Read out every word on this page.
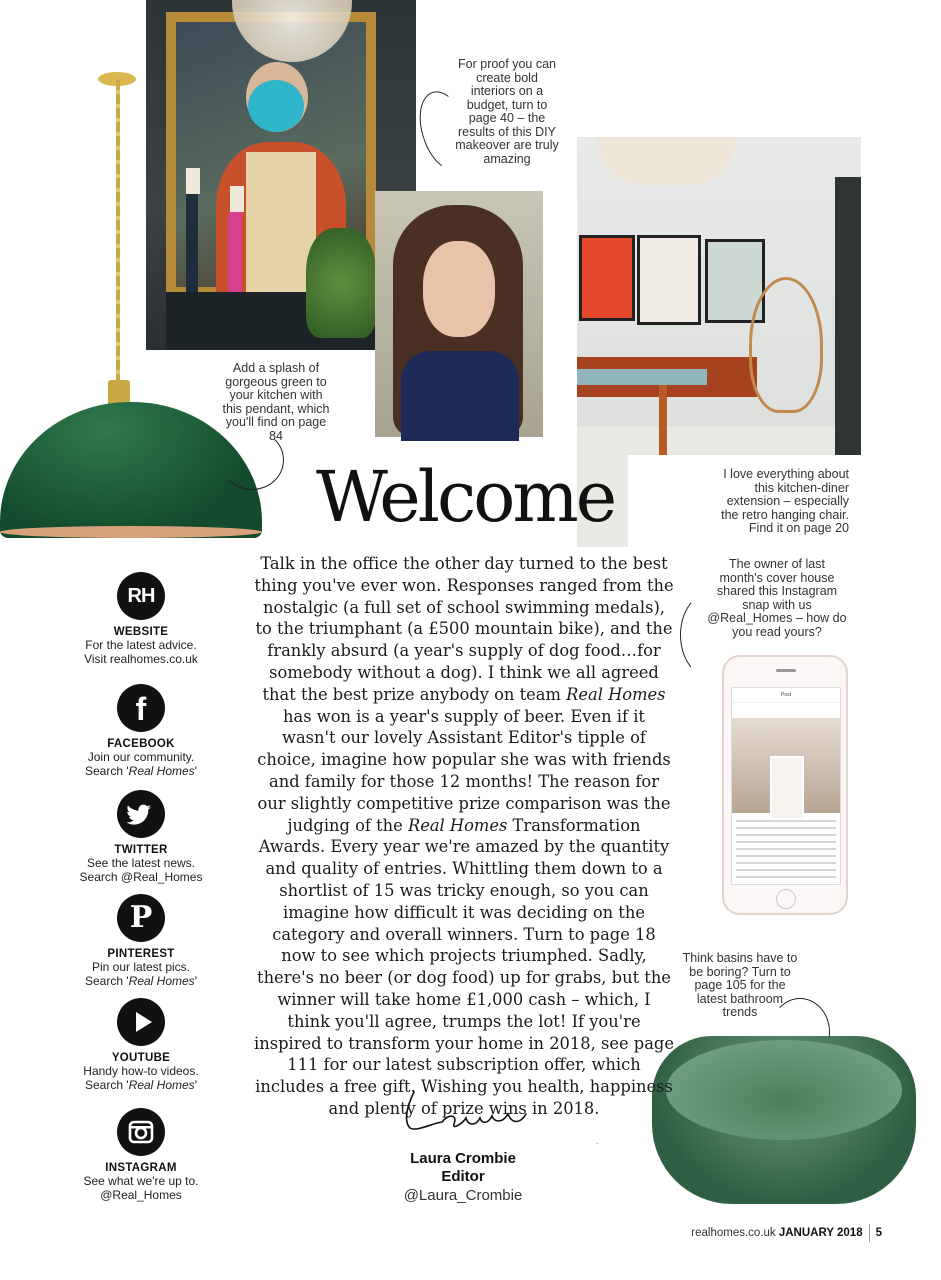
For proof you can create bold interiors on a budget, turn to page 40 – the results of this DIY makeover are truly amazing
Add a splash of gorgeous green to your kitchen with this pendant, which you'll find on page 84
I love everything about this kitchen-diner extension – especially the retro hanging chair. Find it on page 20
The owner of last month's cover house shared this Instagram snap with us @Real_Homes – how do you read yours?
Think basins have to be boring? Turn to page 105 for the latest bathroom trends
Post
Welcome
Talk in the office the other day turned to the best thing you've ever won. Responses ranged from the nostalgic (a full set of school swimming medals), to the triumphant (a £500 mountain bike), and the frankly absurd (a year's supply of dog food…for somebody without a dog). I think we all agreed that the best prize anybody on team Real Homes has won is a year's supply of beer. Even if it wasn't our lovely Assistant Editor's tipple of choice, imagine how popular she was with friends and family for those 12 months! The reason for our slightly competitive prize comparison was the judging of the Real Homes Transformation Awards. Every year we're amazed by the quantity and quality of entries. Whittling them down to a shortlist of 15 was tricky enough, so you can imagine how difficult it was deciding on the category and overall winners. Turn to page 18 now to see which projects triumphed. Sadly, there's no beer (or dog food) up for grabs, but the winner will take home £1,000 cash – which, I think you'll agree, trumps the lot! If you're inspired to transform your home in 2018, see page 111 for our latest subscription offer, which includes a free gift. Wishing you health, happiness and plenty of prize wins in 2018.
Laura
Laura Crombie
Editor
@Laura_Crombie
RH
WEBSITE
For the latest advice.
Visit realhomes.co.uk
f
FACEBOOK
Join our community.
Search 'Real Homes'
TWITTER
See the latest news.
Search @Real_Homes
P
PINTEREST
Pin our latest pics.
Search 'Real Homes'
YOUTUBE
Handy how-to videos.
Search 'Real Homes'
INSTAGRAM
See what we're up to.
@Real_Homes
realhomes.co.uk JANUARY 2018 5
